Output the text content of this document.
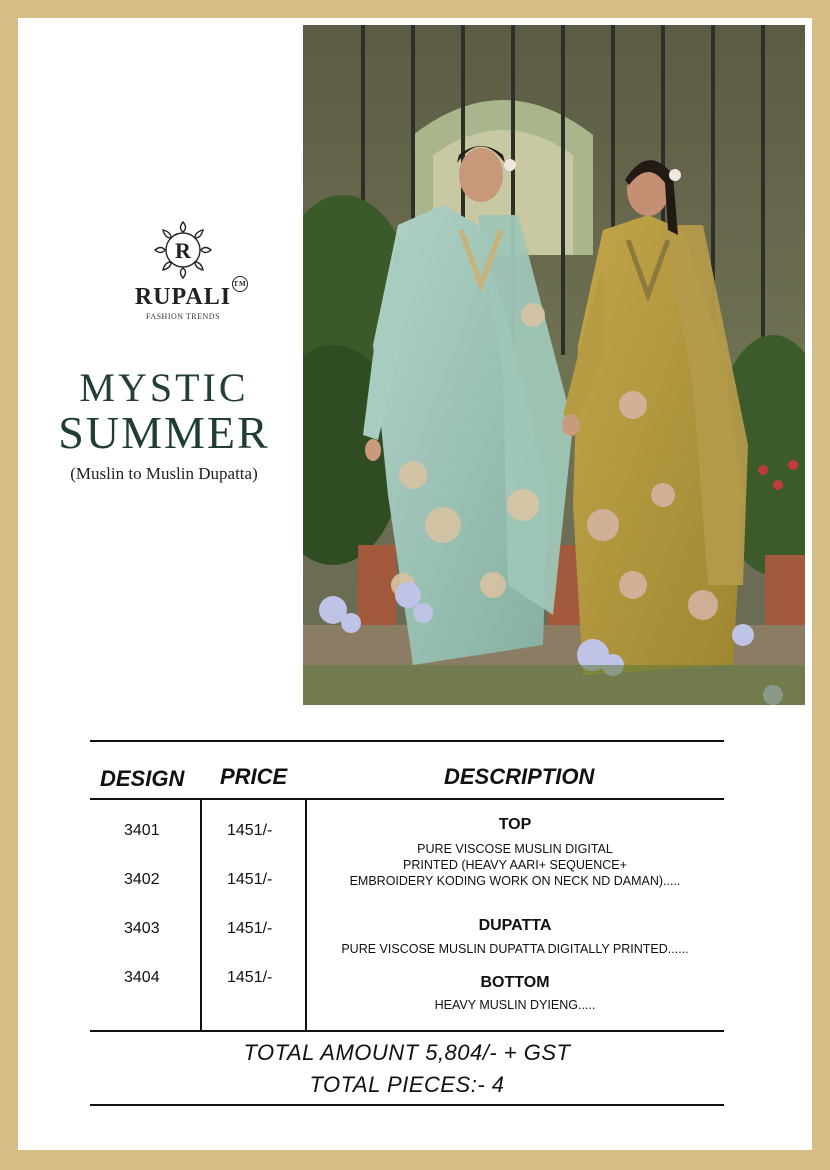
R
RUPALI TM
FASHION TRENDS
MYSTIC
SUMMER
(Muslin to Muslin Dupatta)
DESIGN PRICE	DESCRIPTION
3401
3402
3403
3404
1451/-
1451/-
1451/-
1451/-
TOP
PURE VISCOSE MUSLIN DIGITAL
PRINTED (HEAVY AARI+ SEQUENCE+
EMBROIDERY KODING WORK ON NECK ND DAMAN).....
DUPATTA
PURE VISCOSE MUSLIN DUPATTA DIGITALLY PRINTED......
BOTTOM
HEAVY MUSLIN DYIENG.....
TOTAL AMOUNT 5,804/- + GST
TOTAL PIECES:- 4
